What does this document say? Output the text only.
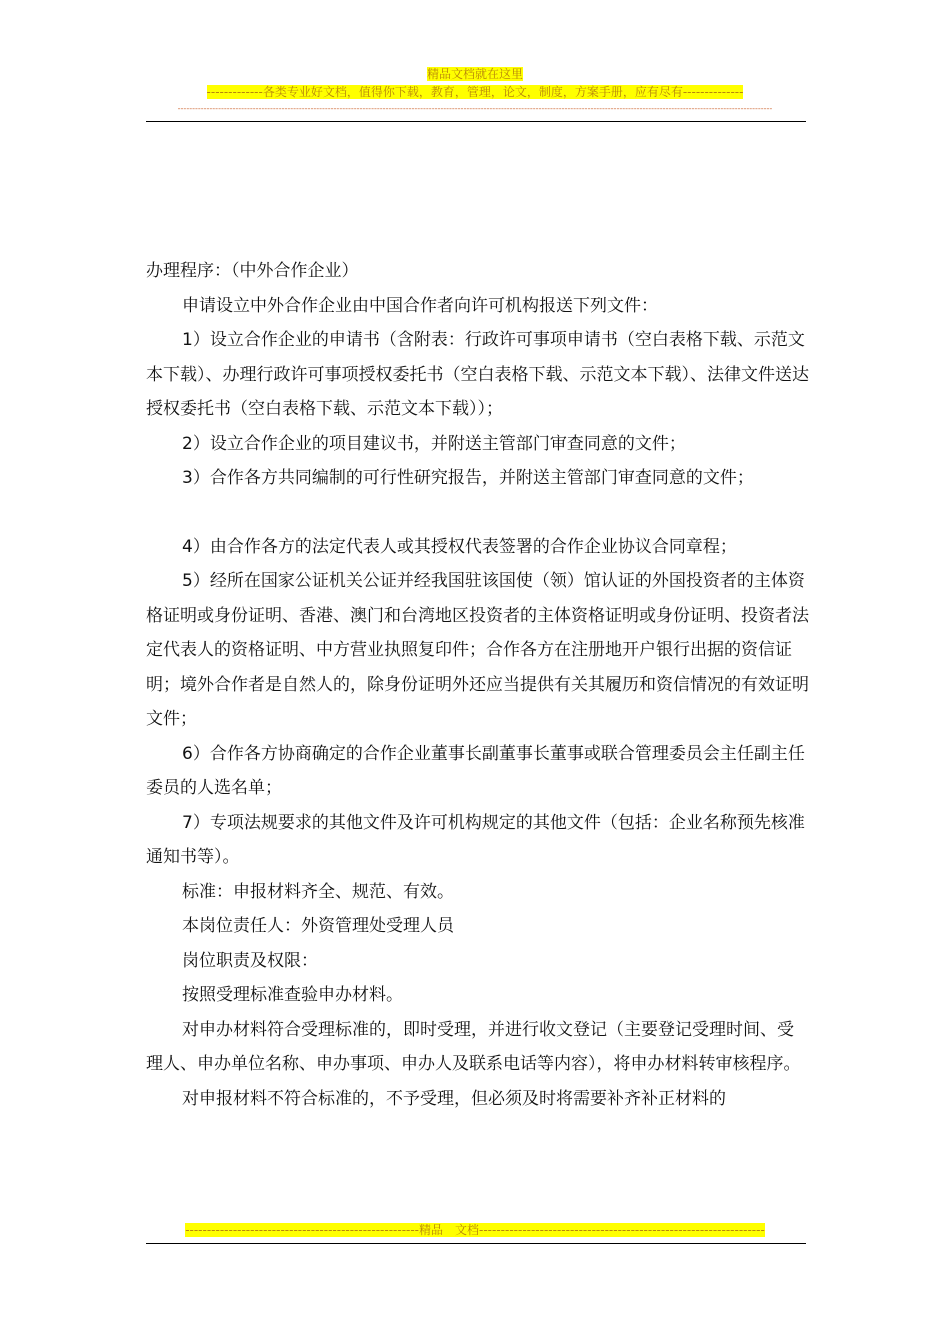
精品文档就在这里
-------------各类专业好文档，值得你下载，教育，管理，论文，制度，方案手册，应有尽有--------------
--------------------------------------------------------------------------------------------------------------------------------------------------------------------------------------------------------------

办理程序：（中外合作企业）

申请设立中外合作企业由中国合作者向许可机构报送下列文件：

1）设立合作企业的申请书（含附表：行政许可事项申请书（空白表格下载、示范文本下载）、办理行政许可事项授权委托书（空白表格下载、示范文本下载）、法律文件送达授权委托书（空白表格下载、示范文本下载））；

2）设立合作企业的项目建议书，并附送主管部门审查同意的文件；

3）合作各方共同编制的可行性研究报告，并附送主管部门审查同意的文件；

4）由合作各方的法定代表人或其授权代表签署的合作企业协议合同章程；

5）经所在国家公证机关公证并经我国驻该国使（领）馆认证的外国投资者的主体资格证明或身份证明、香港、澳门和台湾地区投资者的主体资格证明或身份证明、投资者法定代表人的资格证明、中方营业执照复印件；合作各方在注册地开户银行出据的资信证明；境外合作者是自然人的，除身份证明外还应当提供有关其履历和资信情况的有效证明文件；

6）合作各方协商确定的合作企业董事长副董事长董事或联合管理委员会主任副主任委员的人选名单；

7）专项法规要求的其他文件及许可机构规定的其他文件（包括：企业名称预先核准通知书等）。

标准：申报材料齐全、规范、有效。

本岗位责任人：外资管理处受理人员

岗位职责及权限：

按照受理标准查验申办材料。

对申办材料符合受理标准的，即时受理，并进行收文登记（主要登记受理时间、受理人、申办单位名称、申办事项、申办人及联系电话等内容），将申办材料转审核程序。

对申报材料不符合标准的，不予受理，但必须及时将需要补齐补正材料的

------------------------------------------------------精品　文档------------------------------------------------------------------
